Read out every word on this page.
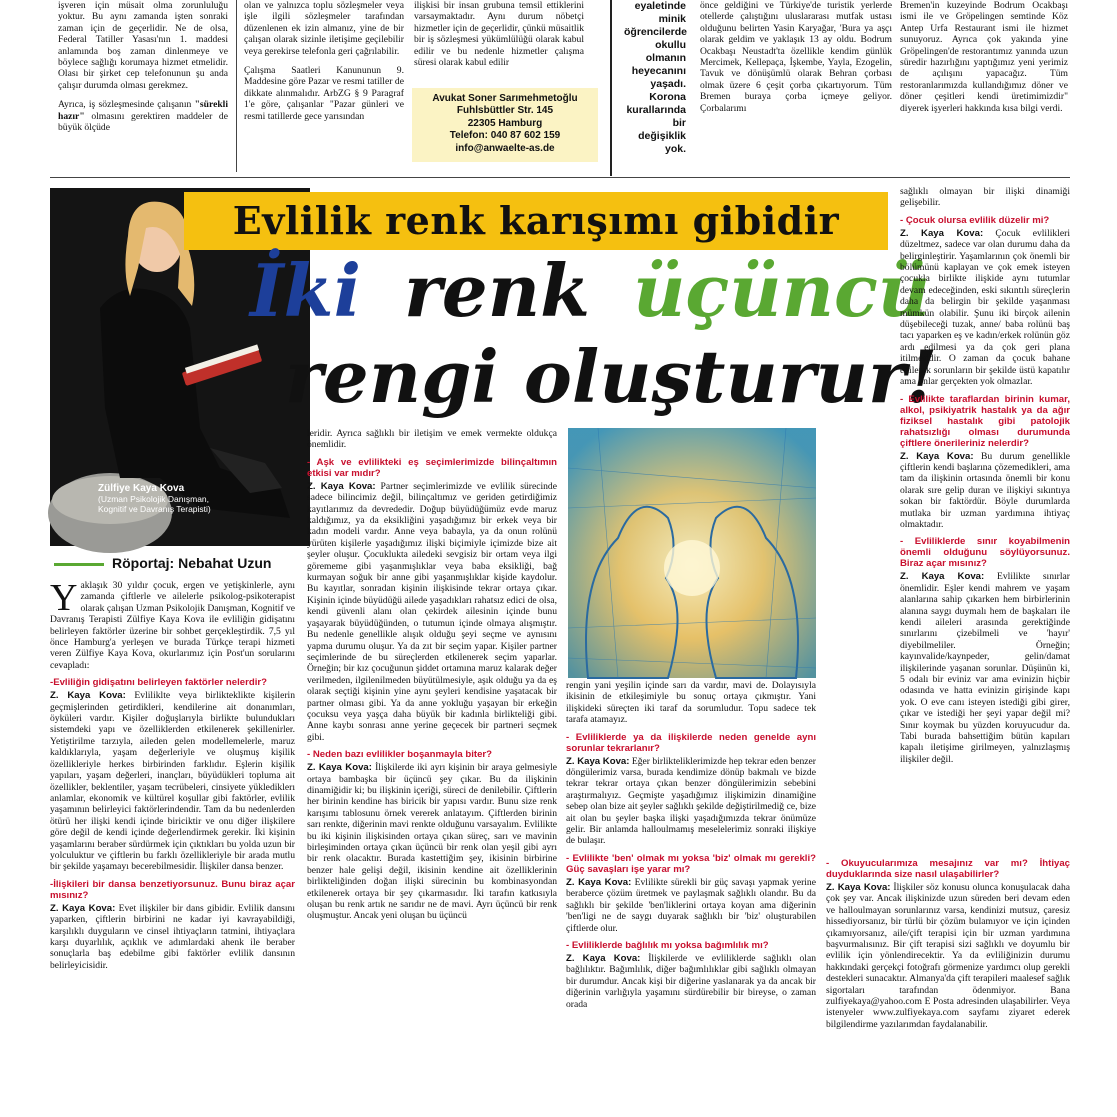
işveren için müsait olma zorunluluğu yoktur. Bu aynı zamanda işten sonraki zaman için de geçerlidir. Ne de olsa, Federal Tatiller Yasası'nın 1. maddesi anlamında boş zaman dinlenmeye ve böylece sağlığı korumaya hizmet etmelidir. Olası bir şirket cep telefonunun şu anda çalışır durumda olması gerekmez.

Ayrıca, iş sözleşmesinde çalışanın "sürekli hazır" olmasını gerektiren maddeler de büyük ölçüde

olan ve yalnızca toplu sözleşmeler veya işle ilgili sözleşmeler tarafından düzenlenen ek izin almanız, yine de bir çalışan olarak sizinle iletişime geçilebilir veya gerekirse telefonla geri çağrılabilir.

Çalışma Saatleri Kanununun 9. Maddesine göre Pazar ve resmi tatiller de dikkate alınmalıdır. ArbZG § 9 Paragraf 1'e göre, çalışanlar "Pazar günleri ve resmi tatillerde gece yarısından

ilişkisi bir insan grubuna temsil ettiklerini varsaymaktadır. Aynı durum nöbetçi hizmetler için de geçerlidir, çünkü müsaitlik bir iş sözleşmesi yükümlülüğü olarak kabul edilir ve bu nedenle hizmetler çalışma süresi olarak kabul edilir

Avukat Soner Sarımehmetoğlu
Fuhlsbüttler Str. 145
22305 Hamburg
Telefon: 040 87 602 159
info@anwaelte-as.de

eyaletinde minik öğrencilerde okullu olmanın heyecanını yaşadı. Korona kurallarında bir değişiklik yok.

önce geldiğini ve Türkiye'de turistik yerlerde otellerde çalıştığını uluslararası mutfak ustası olduğunu belirten Yasin Karyağar, 'Bura ya aşçı olarak geldim ve yaklaşık 13 ay oldu. Bodrum Ocakbaşı Neustadt'ta özellikle kendim günlük Mercimek, Kellepaça, İşkembe, Yayla, Ezogelin, Tavuk ve dönüşümlü olarak Behran çorbası olmak üzere 6 çeşit çorba çıkartıyorum. Tüm Bremen buraya çorba içmeye geliyor. Çorbalarımı

Bremen'in kuzeyinde Bodrum Ocakbaşı ismi ile ve Gröpelingen semtinde Köz Antep Urfa Restaurant ismi ile hizmet sunuyoruz. Ayrıca çok yakında yine Gröpelingen'de restorantımız yanında uzun süredir hazırlığını yaptığımız yeni yerimiz de açılışını yapacağız. Tüm restoranlarımızda kullandığımız döner ve döner çeşitleri kendi üretimimizdir" diyerek işyerleri hakkında kısa bilgi verdi.

Zülfiye Kaya Kova
(Uzman Psikolojik Danışman,
Kognitif ve Davranış Terapisti)
Evlilik renk karışımı gibidir
İki renk üçüncü
rengi oluşturur!
Röportaj: Nebahat Uzun

Yaklaşık 30 yıldır çocuk, ergen ve yetişkinlerle, aynı zamanda çiftlerle ve ailelerle psikolog-psikoterapist olarak çalışan Uzman Psikolojik Danışman, Kognitif ve Davranış Terapisti Zülfiye Kaya Kova ile evliliğin gidişatını belirleyen faktörler üzerine bir sohbet gerçekleştirdik. 7,5 yıl önce Hamburg'a yerleşen ve burada Türkçe terapi hizmeti veren Zülfiye Kaya Kova, okurlarımız için Post'un sorularını cevapladı:

-Evliliğin gidişatını belirleyen faktörler nelerdir?

Z. Kaya Kova: Evliliklte veya birlikteklikte kişilerin geçmişlerinden getirdikleri, kendilerine ait donanımları, öyküleri vardır. Kişiler doğuşlarıyla birlikte bulundukları sistemdeki yapı ve özelliklerden etkilenerek şekillenirler. Yetiştirilme tarzıyla, aileden gelen modellemelerle, maruz kaldıklarıyla, yaşam değerleriyle ve oluşmuş kişilik özellikleriyle herkes birbirinden farklıdır. Eşlerin kişilik yapıları, yaşam değerleri, inançları, büyüdükleri topluma ait özellikler, beklentiler, yaşam tecrübeleri, cinsiyete yüklediklerı anlamlar, ekonomik ve kültürel koşullar gibi faktörler, evlilik yaşamının belirleyici faktörlerindendir. Tam da bu nedenlerden ötürü her ilişki kendi içinde biriciktir ve onu diğer ilişkilere göre değil de kendi içinde değerlendirmek gerekir. İki kişinin yaşamlarını beraber sürdürmek için çıktıkları bu yolda uzun bir yolculuktur ve çiftlerin bu farklı özellikleriyle bir arada mutlu bir şekilde yaşamayı becerebilmesidir. İlişkiler dansa benzer.

-İlişkileri bir dansa benzetiyorsunuz. Bunu biraz açar mısınız?

Z. Kaya Kova: Evet ilişkiler bir dans gibidir. Evlilik dansını yaparken, çiftlerin birbirini ne kadar iyi kavrayabildiği, karşılıklı duyguların ve cinsel ihtiyaçların tatmini, ihtiyaçlara karşı duyarlılık, açıklık ve adımlardaki ahenk ile beraber sonuçlarla baş edebilme gibi faktörler evlilik dansının belirleyicisidir.

leridir. Ayrıca sağlıklı bir iletişim ve emek vermekte oldukça önemlidir.

- Aşk ve evlilikteki eş seçimlerimizde bilinçaltımın etkisi var mıdır?

Z. Kaya Kova: Partner seçimlerimizde ve evlilik sürecinde sadece bilincimiz değil, bilinçaltımız ve geriden getirdiğimiz kayıtlarımız da devrededir. Doğup büyüdüğümüz evde maruz kaldığımız, ya da eksikliğini yaşadığımız bir erkek veya bir kadın modeli vardır. Anne veya babayla, ya da onun rolünü yürüten kişilerle yaşadığımız ilişki biçimiyle içimizde bize ait şeyler oluşur. Çocuklukta ailedeki sevgisiz bir ortam veya ilgi görememe gibi yaşanmışlıklar veya baba eksikliği, bağ kurmayan soğuk bir anne gibi yaşanmışlıklar kişide kaydolur. Bu kayıtlar, sonradan kişinin ilişkisinde tekrar ortaya çıkar. Kişinin içinde büyüdüğü ailede yaşadıkları rahatsız edici de olsa, kendi güvenli alanı olan çekirdek ailesinin içinde bunu yaşayarak büyüdüğünden, o tutumun içinde olmaya alışmıştır. Bu nedenle genellikle alışık olduğu şeyi seçme ve aynısını yapma durumu oluşur. Ya da zıt bir seçim yapar. Kişiler partner seçimlerinde de bu süreçlerden etkilenerek seçim yaparlar. Örneğin; bir kız çocuğunun şiddet ortamına maruz kalarak değer verilmeden, ilgilenilmeden büyütülmesiyle, aşık olduğu ya da eş olarak seçtiği kişinin yine aynı şeyleri kendisine yaşatacak bir partner olması gibi. Ya da anne yokluğu yaşayan bir erkeğin çocuksu veya yaşça daha büyük bir kadınla birlikteliği gibi. Anne kaybı sonrası anne yerine geçecek bir partneri seçmek gibi.

- Neden bazı evlilikler boşanmayla biter?

Z. Kaya Kova: İlişkilerde iki ayrı kişinin bir araya gelmesiyle ortaya bambaşka bir üçüncü şey çıkar. Bu da ilişkinin dinamiğidir ki; bu ilişkinin içeriği, süreci de denilebilir. Çiftlerin her birinin kendine has biricik bir yapısı vardır. Bunu size renk karışımı tablosunu örnek vererek anlatayım. Çiftlerden birinin sarı renkte, diğerinin mavi renkte olduğunu varsayalım. Evlilikte bu iki kişinin ilişkisinden ortaya çıkan süreç, sarı ve mavinin birleşiminden ortaya çıkan üçüncü bir renk olan yeşil gibi ayrı bir renk olacaktır. Burada kastettiğim şey, ikisinin birbirine benzer hale gelişi değil, ikisinin kendine ait özelliklerinin birlikteliğinden doğan ilişki sürecinin bu kombinasyondan etkilenerek ortaya bir şey çıkarmasıdır. İki tarafın katkısıyla oluşan bu renk artık ne sarıdır ne de mavi. Ayrı üçüncü bir renk oluşmuştur. Ancak yeni oluşan bu üçüncü

rengin yani yeşilin içinde sarı da vardır, mavi de. Dolayısıyla ikisinin de etkileşimiyle bu sonuç ortaya çıkmıştır. Yani ilişkideki süreçten iki taraf da sorumludur. Topu sadece tek tarafa atamayız.

- Evliliklerde ya da ilişkilerde neden genelde aynı sorunlar tekrarlanır?

Z. Kaya Kova: Eğer birlikteliklerimizde hep tekrar eden benzer döngülerimiz varsa, burada kendimize dönüp bakmalı ve bizde tekrar tekrar ortaya çıkan benzer döngülerimizin sebebini araştırmalıyız. Geçmişte yaşadığımız ilişkimizin dinamiğine sebep olan bize ait şeyler sağlıklı şekilde değiştirilmediğ ce, bize ait olan bu şeyler başka ilişki yaşadığımızda tekrar önümüze gelir. Bir anlamda halloulmamış meselelerimiz sonraki ilişkiye de bulaşır.

- Evlilikte 'ben' olmak mı yoksa 'biz' olmak mı gerekli? Güç savaşları işe yarar mı?

Z. Kaya Kova: Evlilikte sürekli bir güç savaşı yapmak yerine beraberce çözüm üretmek ve paylaşmak sağlıklı olandır. Bu da sağlıklı bir şekilde 'ben'liklerini ortaya koyan ama diğerinin 'ben'ligi ne de saygı duyarak sağlıklı bir 'biz' oluşturabilen çiftlerde olur.

- Evliliklerde bağlılık mı yoksa bağımlılık mı?

Z. Kaya Kova: İlişkilerde ve evliliklerde sağlıklı olan bağlılıktır. Bağımlılık, diğer bağımlılıklar gibi sağlıklı olmayan bir durumdur. Ancak kişi bir diğerine yaslanarak ya da ancak bir diğerinin varlığıyla yaşamını sürdürebilir bir bireyse, o zaman orada

sağlıklı olmayan bir ilişki dinamiği gelişebilir.

- Çocuk olursa evlilik düzelir mi?

Z. Kaya Kova: Çocuk evlilikleri düzeltmez, sadece var olan durumu daha da belirginleştirir. Yaşamlarının çok önemli bir bölümünü kaplayan ve çok emek isteyen çocukla birlikte ilişkide aynı tutumlar devam edeceğinden, eski sıkıntılı süreçlerin daha da belirgin bir şekilde yaşanması mümkün olabilir. Şunu iki birçok ailenin düşebileceği tuzak, anne/ baba rolünü baş tacı yaparken eş ve kadın/erkek rolünün göz ardı edilmesi ya da çok geri plana itilmesidir. O zaman da çocuk bahane edilerek sorunların bir şekilde üstü kapatılır ama onlar gerçekten yok olmazlar.

- Evlilikte taraflardan birinin kumar, alkol, psikiyatrik hastalık ya da ağır fiziksel hastalık gibi patolojik rahatsızlığı olması durumunda çiftlere önerileriniz nelerdir?

Z. Kaya Kova: Bu durum genellikle çiftlerin kendi başlarına çözemedikleri, ama tam da ilişkinin ortasında önemli bir konu olarak sıre gelip duran ve ilişkiyi sıkıntıya sokan bir faktördür. Böyle durumlarda mutlaka bir uzman yardımına ihtiyaç olmaktadır.

- Evliliklerde sınır koyabilmenin önemli olduğunu söylüyorsunuz. Biraz açar mısınız?

Z. Kaya Kova: Evlilikte sınırlar önemlidir. Eşler kendi mahrem ve yaşam alanlarına sahip çıkarken hem birbirlerinin alanına saygı duymalı hem de başkaları ile kendi aileleri arasında gerektiğinde sınırlarını çizebilmeli ve 'hayır' diyebilmeliler. Örneğin; kayınvalide/kaynpeder, gelin/damat ilişkilerinde yaşanan sorunlar. Düşünün ki, 5 odalı bir eviniz var ama evinizin hiçbir odasında ve hatta evinizin girişinde kapı yok. O eve canı isteyen istediği gibi girer, çıkar ve istediği her şeyi yapar değil mi? Sınır koymak bu yüzden koruyucudur da. Tabi burada bahsettiğim bütün kapıları kapalı iletişime girilmeyen, yalnızlaşmış ilişkiler değil.

- Okuyucularımıza mesajınız var mı? İhtiyaç duyduklarında size nasıl ulaşabilirler?

Z. Kaya Kova: İlişkiler söz konusu olunca konuşulacak daha çok şey var. Ancak ilişkinizde uzun süreden beri devam eden ve halloulmayan sorunlarınız varsa, kendinizi mutsuz, çaresiz hissediyorsanız, bir türlü bir çözüm bulamıyor ve için içinden çıkamıyorsanız, aile/çift terapisi için bir uzman yardımına başvurmalısınız. Bir çift terapisi sizi sağlıklı ve doyumlu bir evlilik için yönlendirecektir. Ya da evliliğinizin durumu hakkındaki gerçekçi fotoğrafı görmenize yardımcı olup gerekli destekleri sunacaktır. Almanya'da çift terapileri maalesef sağlık sigortaları tarafından ödenmiyor. Bana zulfiyekaya@yahoo.com E Posta adresinden ulaşabilirler. Veya istenyeler www.zulfiyekaya.com sayfamı ziyaret ederek bilgilendirme yazılarımdan faydalanabilir.
